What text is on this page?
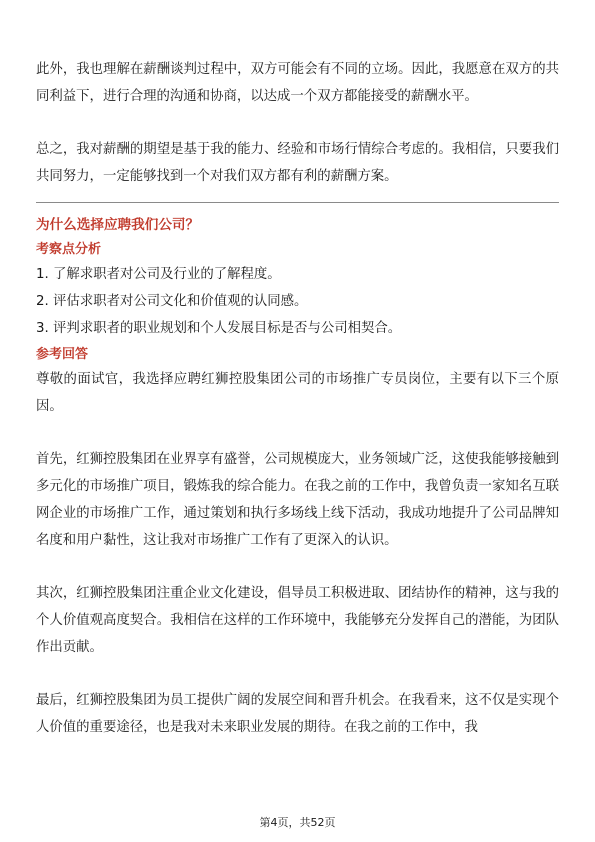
此外，我也理解在薪酬谈判过程中，双方可能会有不同的立场。因此，我愿意在双方的共同利益下，进行合理的沟通和协商，以达成一个双方都能接受的薪酬水平。

总之，我对薪酬的期望是基于我的能力、经验和市场行情综合考虑的。我相信，只要我们共同努力，一定能够找到一个对我们双方都有利的薪酬方案。

为什么选择应聘我们公司？

考察点分析

1. 了解求职者对公司及行业的了解程度。

2. 评估求职者对公司文化和价值观的认同感。

3. 评判求职者的职业规划和个人发展目标是否与公司相契合。

参考回答

尊敬的面试官，我选择应聘红狮控股集团公司的市场推广专员岗位，主要有以下三个原因。

首先，红狮控股集团在业界享有盛誉，公司规模庞大，业务领域广泛，这使我能够接触到多元化的市场推广项目，锻炼我的综合能力。在我之前的工作中，我曾负责一家知名互联网企业的市场推广工作，通过策划和执行多场线上线下活动，我成功地提升了公司品牌知名度和用户黏性，这让我对市场推广工作有了更深入的认识。

其次，红狮控股集团注重企业文化建设，倡导员工积极进取、团结协作的精神，这与我的个人价值观高度契合。我相信在这样的工作环境中，我能够充分发挥自己的潜能，为团队作出贡献。

最后，红狮控股集团为员工提供广阔的发展空间和晋升机会。在我看来，这不仅是实现个人价值的重要途径，也是我对未来职业发展的期待。在我之前的工作中，我

第4页，共52页
